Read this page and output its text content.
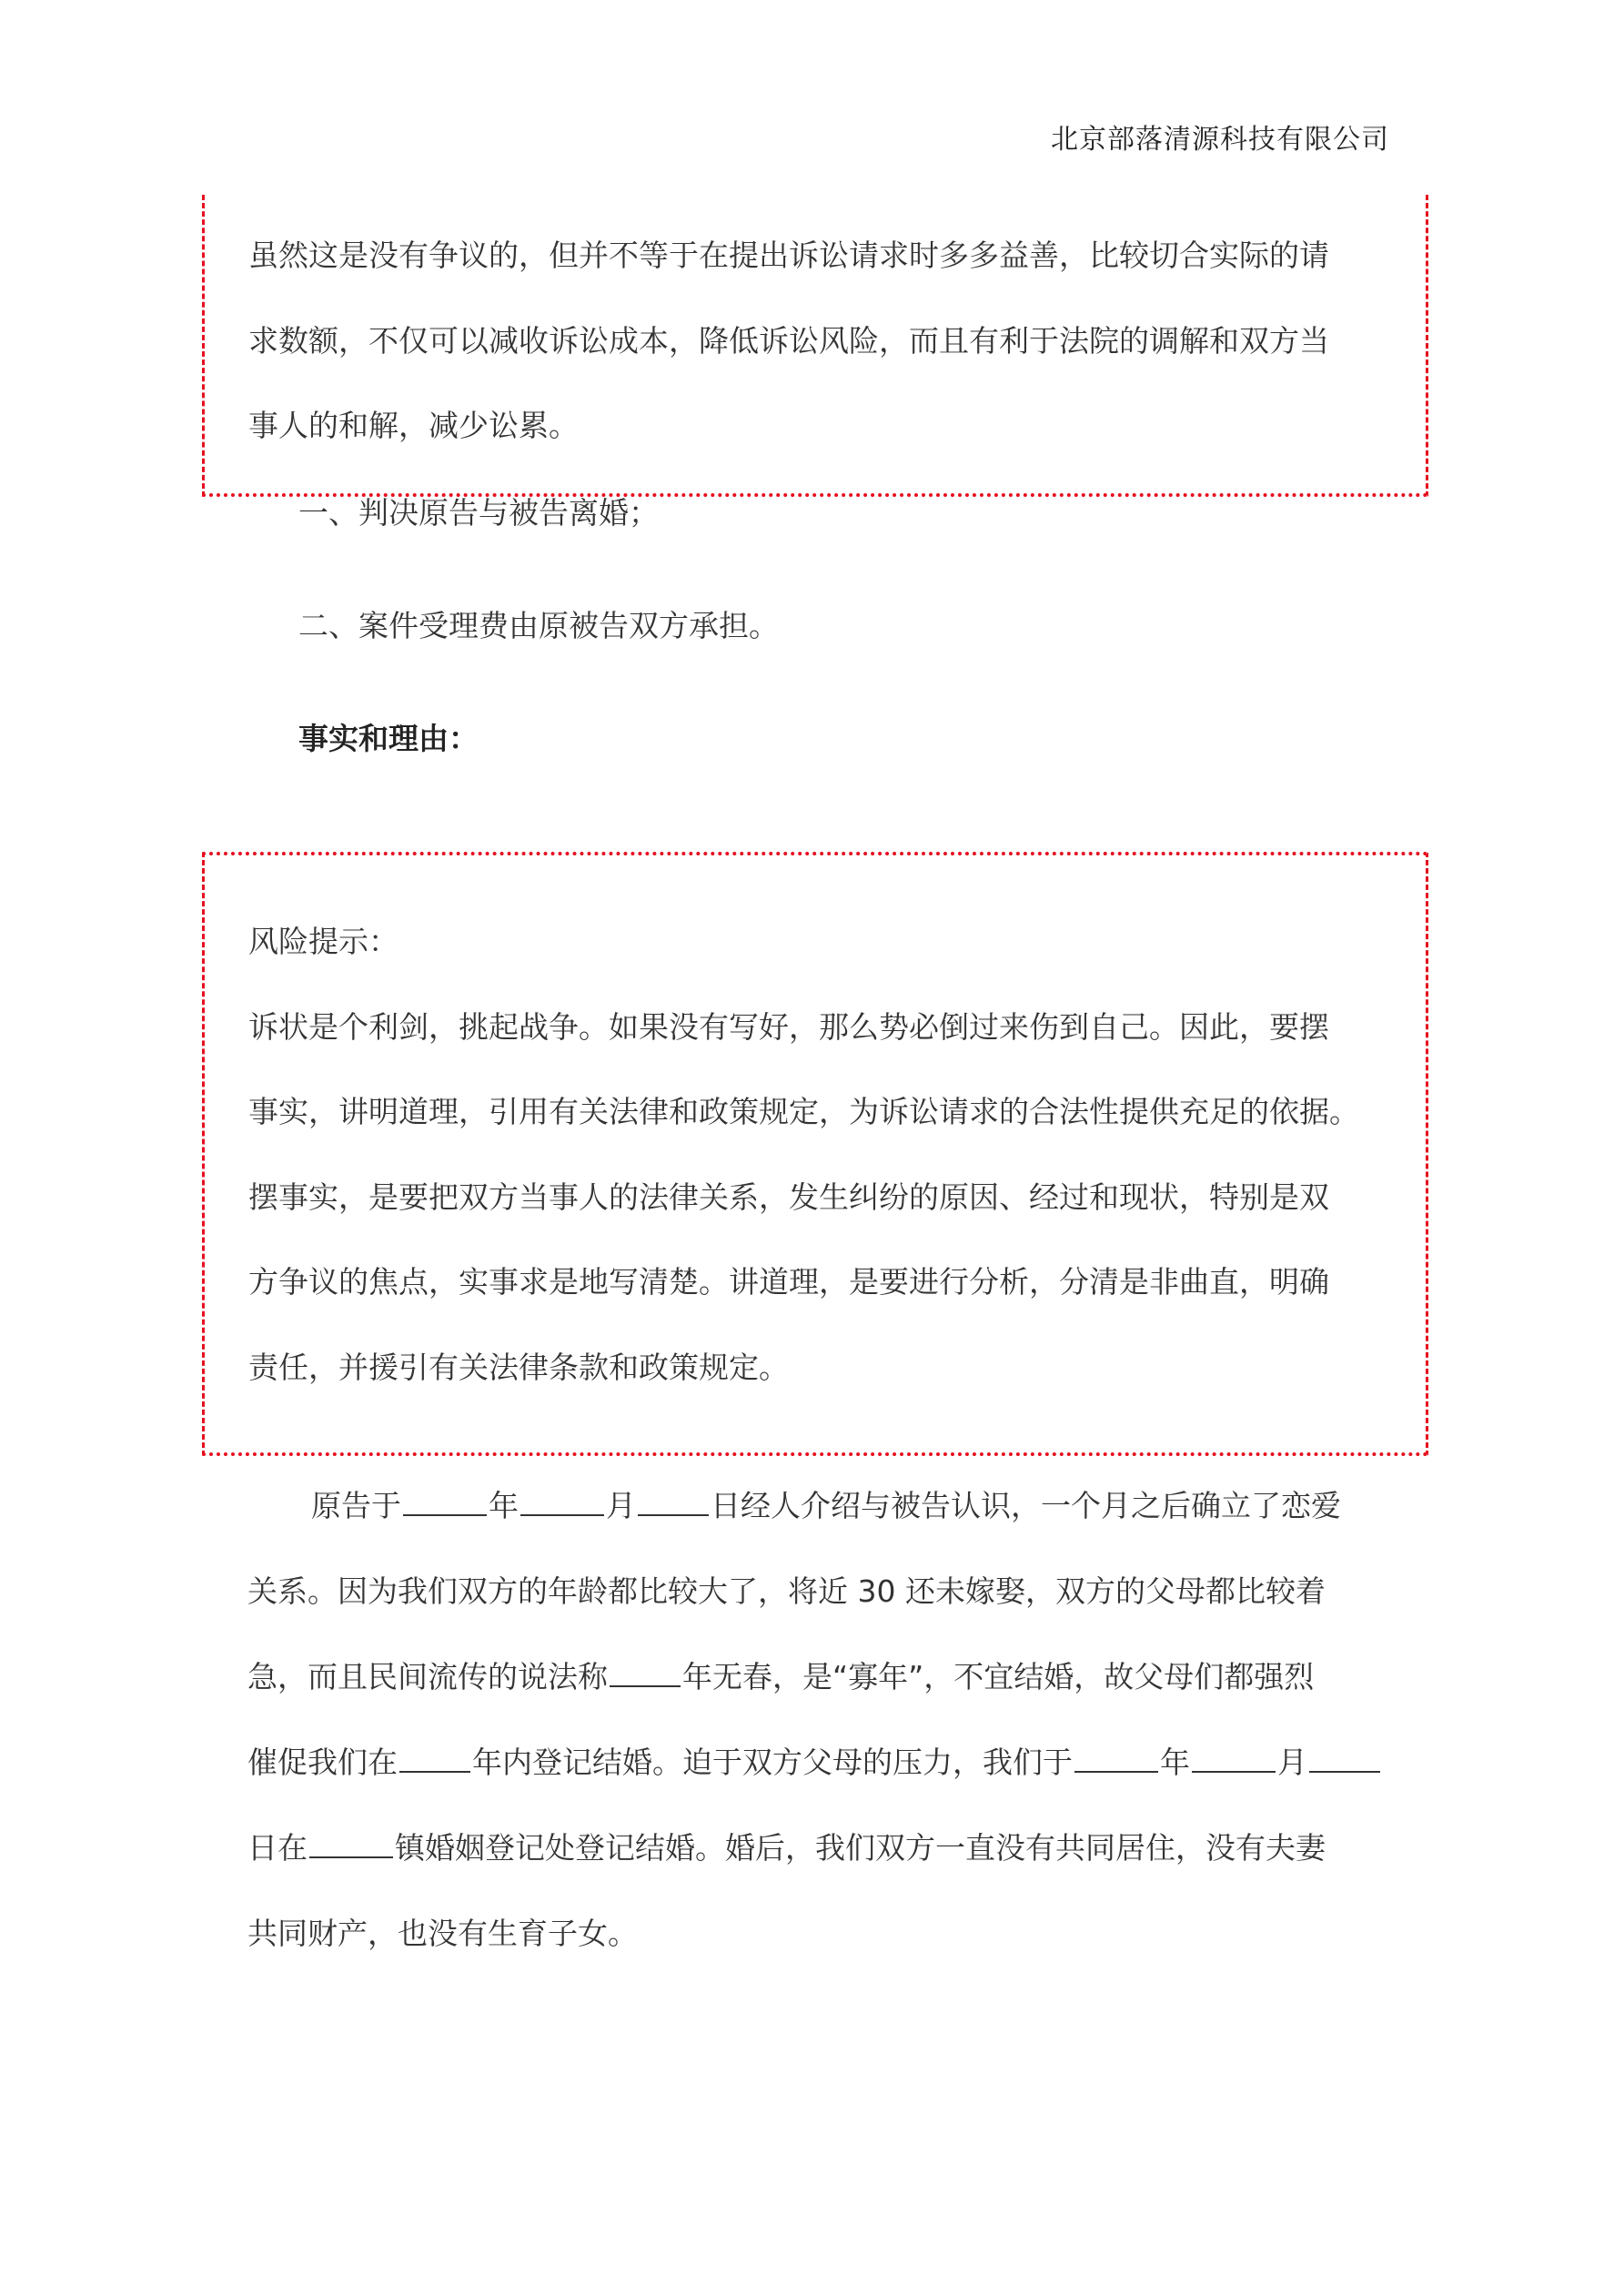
北京部落清源科技有限公司
虽然这是没有争议的，但并不等于在提出诉讼请求时多多益善，比较切合实际的请
求数额，不仅可以减收诉讼成本，降低诉讼风险，而且有利于法院的调解和双方当
事人的和解，减少讼累。
一、判决原告与被告离婚；
二、案件受理费由原被告双方承担。
事实和理由：
风险提示：
诉状是个利剑，挑起战争。如果没有写好，那么势必倒过来伤到自己。因此，要摆
事实，讲明道理，引用有关法律和政策规定，为诉讼请求的合法性提供充足的依据。
摆事实，是要把双方当事人的法律关系，发生纠纷的原因、经过和现状，特别是双
方争议的焦点，实事求是地写清楚。讲道理，是要进行分析，分清是非曲直，明确
责任，并援引有关法律条款和政策规定。
原告于	年	月 日经人介绍与被告认识，一个月之后确立了恋爱
关系。因为我们双方的年龄都比较大了，将近 30 还未嫁娶，双方的父母都比较着
急，而且民间流传的说法称 年无春，是“寡年”，不宜结婚，故父母们都强烈
催促我们在 年内登记结婚。迫于双方父母的压力，我们于	年	月
日在	镇婚姻登记处登记结婚。婚后，我们双方一直没有共同居住，没有夫妻
共同财产，也没有生育子女。
